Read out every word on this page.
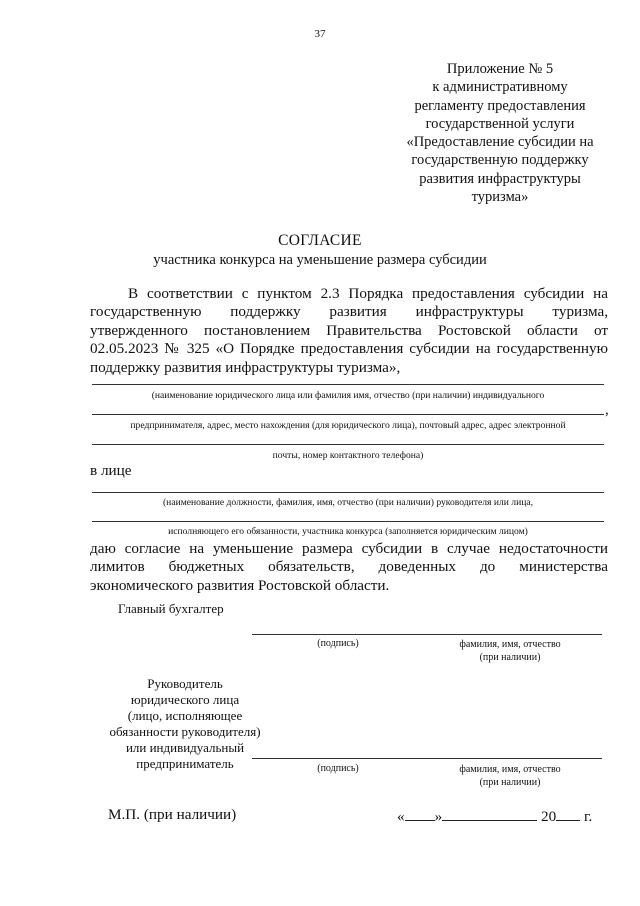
37
Приложение № 5
к административному
регламенту предоставления
государственной услуги
«Предоставление субсидии на
государственную поддержку
развития инфраструктуры
туризма»
СОГЛАСИЕ
участника конкурса на уменьшение размера субсидии
В соответствии с пунктом 2.3 Порядка предоставления субсидии на
государственную поддержку развития инфраструктуры туризма,
утвержденного постановлением Правительства Ростовской области от
02.05.2023 № 325 «О Порядке предоставления субсидии на государственную
поддержку развития инфраструктуры туризма»,
(наименование юридического лица или фамилия имя, отчество (при наличии) индивидуального
,
предпринимателя, адрес, место нахождения (для юридического лица), почтовый адрес, адрес электронной
почты, номер контактного телефона)
в лице
(наименование должности, фамилия, имя, отчество (при наличии) руководителя или лица,
исполняющего его обязанности, участника конкурса (заполняется юридическим лицом)
даю согласие на уменьшение размера субсидии в случае недостаточности
лимитов бюджетных обязательств, доведенных до министерства
экономического развития Ростовской области.
Главный бухгалтер
(подпись)	фамилия, имя, отчество
(при наличии)
Руководитель
юридического лица
(лицо, исполняющее
обязанности руководителя)
или индивидуальный
предприниматель	(подпись)	фамилия, имя, отчество
(при наличии)
М.П. (при наличии)	« »	20 г.
